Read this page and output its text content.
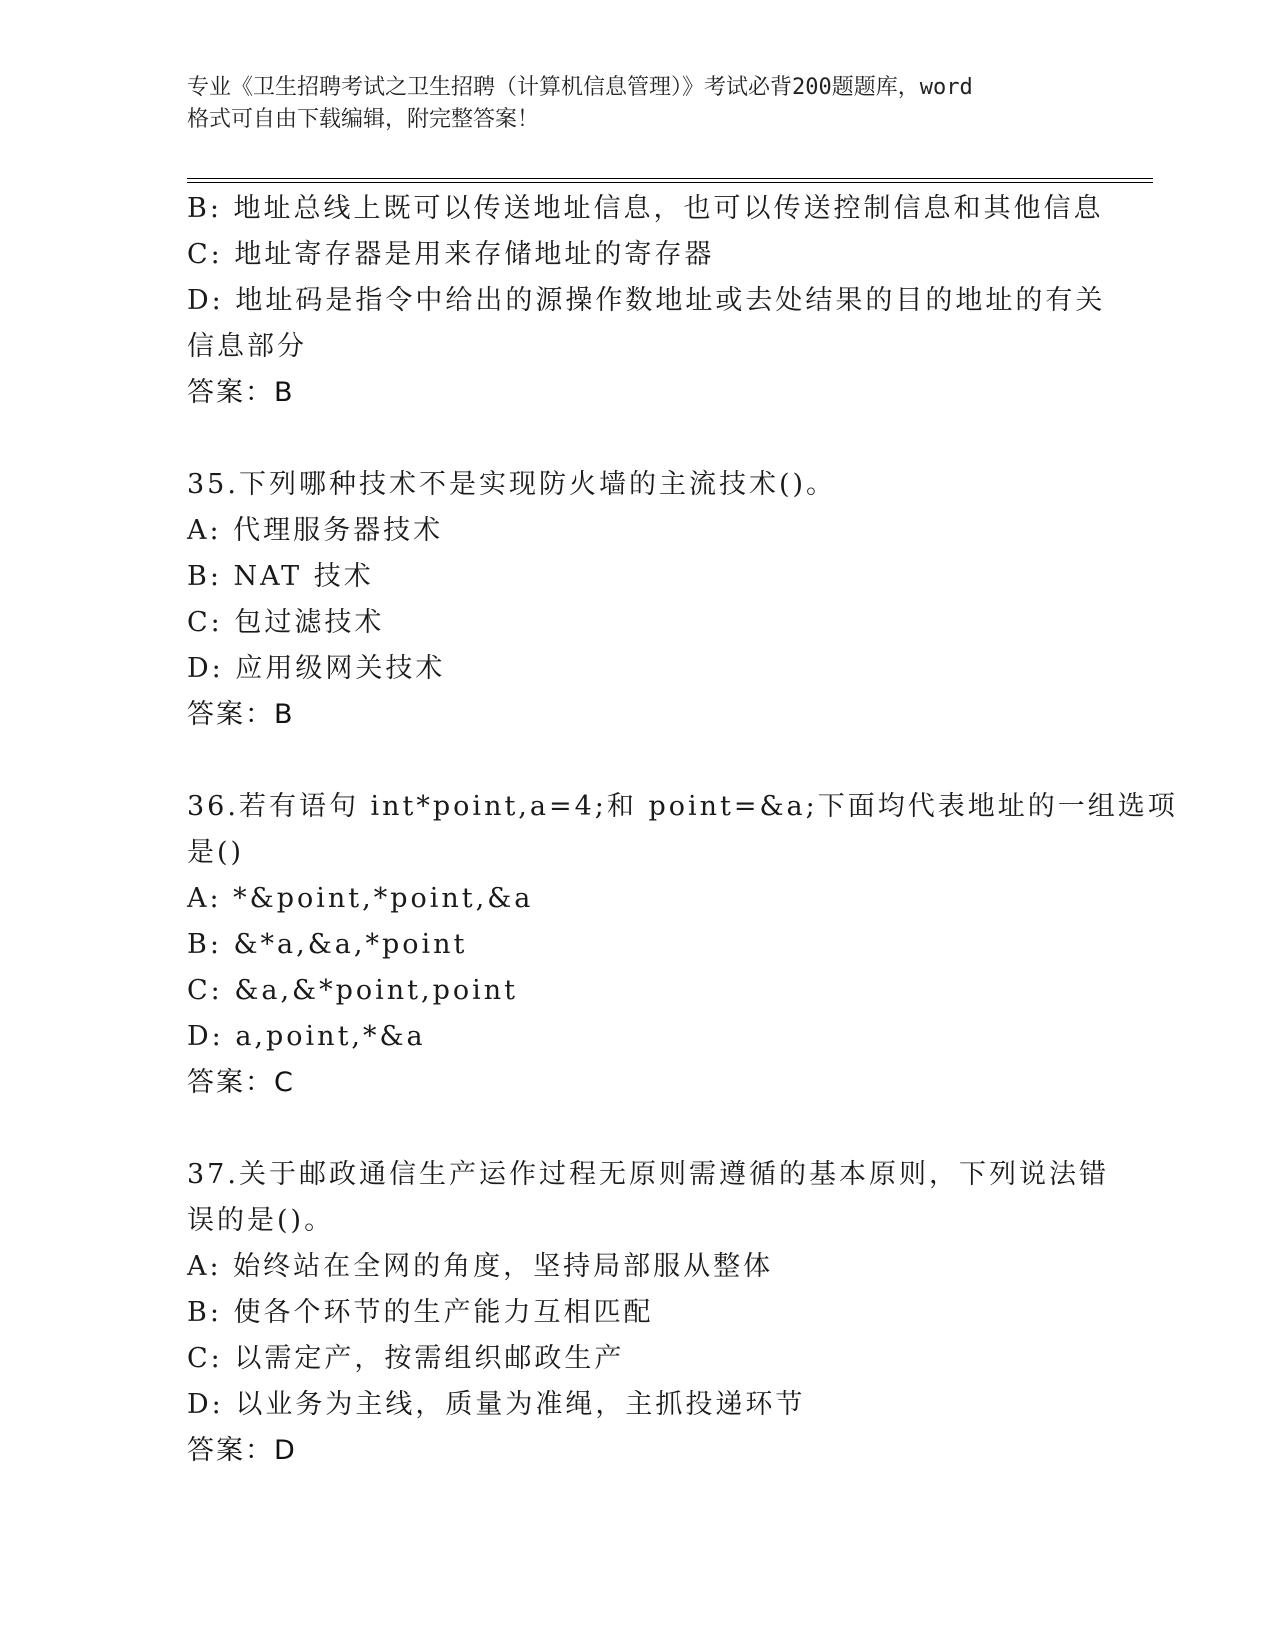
专业《卫生招聘考试之卫生招聘（计算机信息管理）》考试必背200题题库，word
格式可自由下载编辑，附完整答案！
B: 地址总线上既可以传送地址信息，也可以传送控制信息和其他信息
C: 地址寄存器是用来存储地址的寄存器
D: 地址码是指令中给出的源操作数地址或去处结果的目的地址的有关
信息部分
答案：B
35.下列哪种技术不是实现防火墙的主流技术()。
A: 代理服务器技术
B: NAT 技术
C: 包过滤技术
D: 应用级网关技术
答案：B
36.若有语句 int*point,a=4;和 point=&a;下面均代表地址的一组选项
是()
A: *&point,*point,&a
B: &*a,&a,*point
C: &a,&*point,point
D: a,point,*&a
答案：C
37.关于邮政通信生产运作过程无原则需遵循的基本原则，下列说法错
误的是()。
A: 始终站在全网的角度，坚持局部服从整体
B: 使各个环节的生产能力互相匹配
C: 以需定产，按需组织邮政生产
D: 以业务为主线，质量为准绳，主抓投递环节
答案：D
